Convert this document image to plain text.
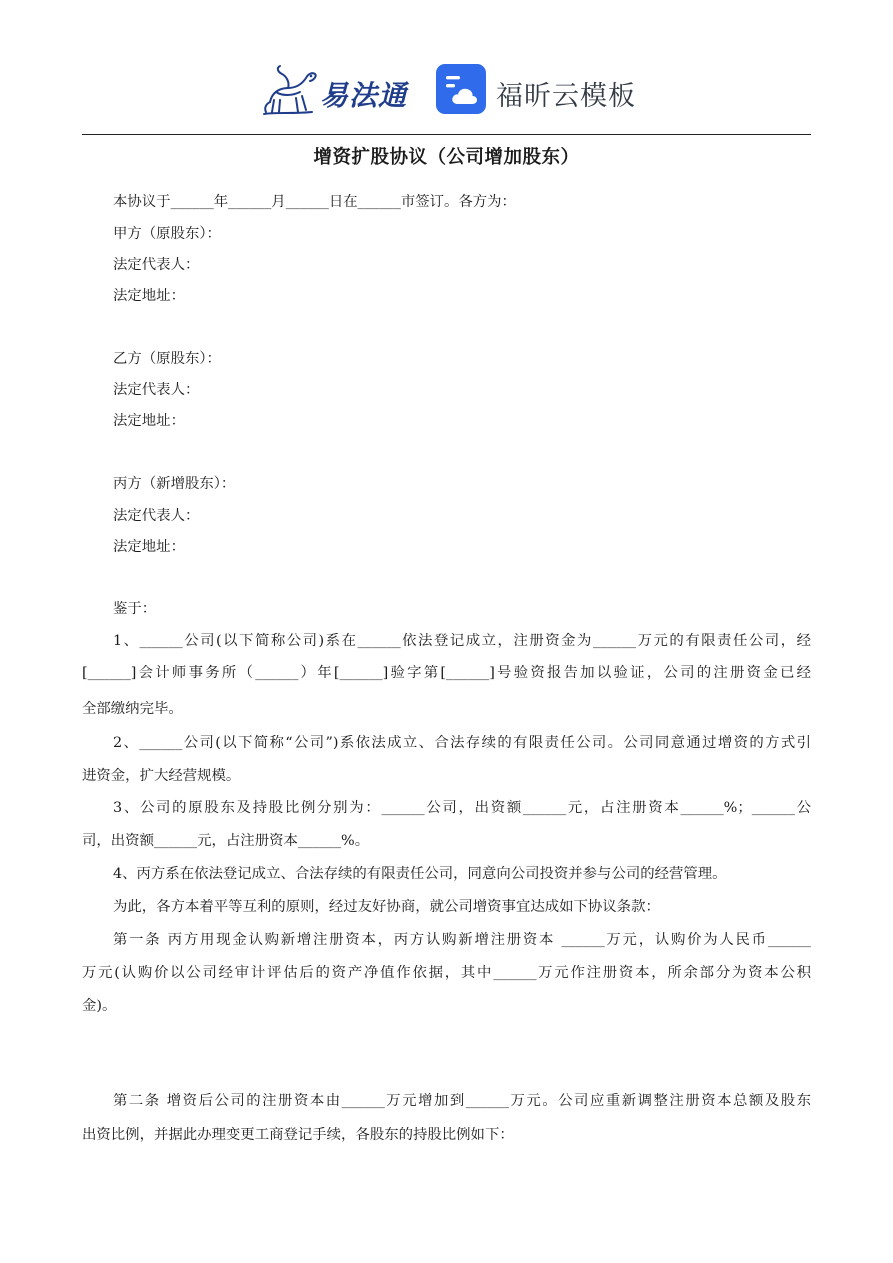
易法通	福昕云模板
增资扩股协议（公司增加股东）
本协议于______年______月______日在______市签订。各方为：
甲方（原股东）：
法定代表人：
法定地址：
乙方（原股东）：
法定代表人：
法定地址：
丙方（新增股东）：
法定代表人：
法定地址：
鉴于：
1、______公司(以下简称公司)系在______依法登记成立，注册资金为______万元的有限责任公司，经
[______]会计师事务所（______）年[______]验字第[______]号验资报告加以验证，公司的注册资金已经
全部缴纳完毕。
2、______公司(以下简称“公司”)系依法成立、合法存续的有限责任公司。公司同意通过增资的方式引
进资金，扩大经营规模。
3、公司的原股东及持股比例分别为：______公司，出资额______元，占注册资本______%；______公
司，出资额______元，占注册资本______%。
4、丙方系在依法登记成立、合法存续的有限责任公司，同意向公司投资并参与公司的经营管理。
为此，各方本着平等互利的原则，经过友好协商，就公司增资事宜达成如下协议条款：
第一条 丙方用现金认购新增注册资本，丙方认购新增注册资本 ______万元，认购价为人民币______
万元(认购价以公司经审计评估后的资产净值作依据，其中______万元作注册资本，所余部分为资本公积
金)。
第二条 增资后公司的注册资本由______万元增加到______万元。公司应重新调整注册资本总额及股东
出资比例，并据此办理变更工商登记手续，各股东的持股比例如下：
